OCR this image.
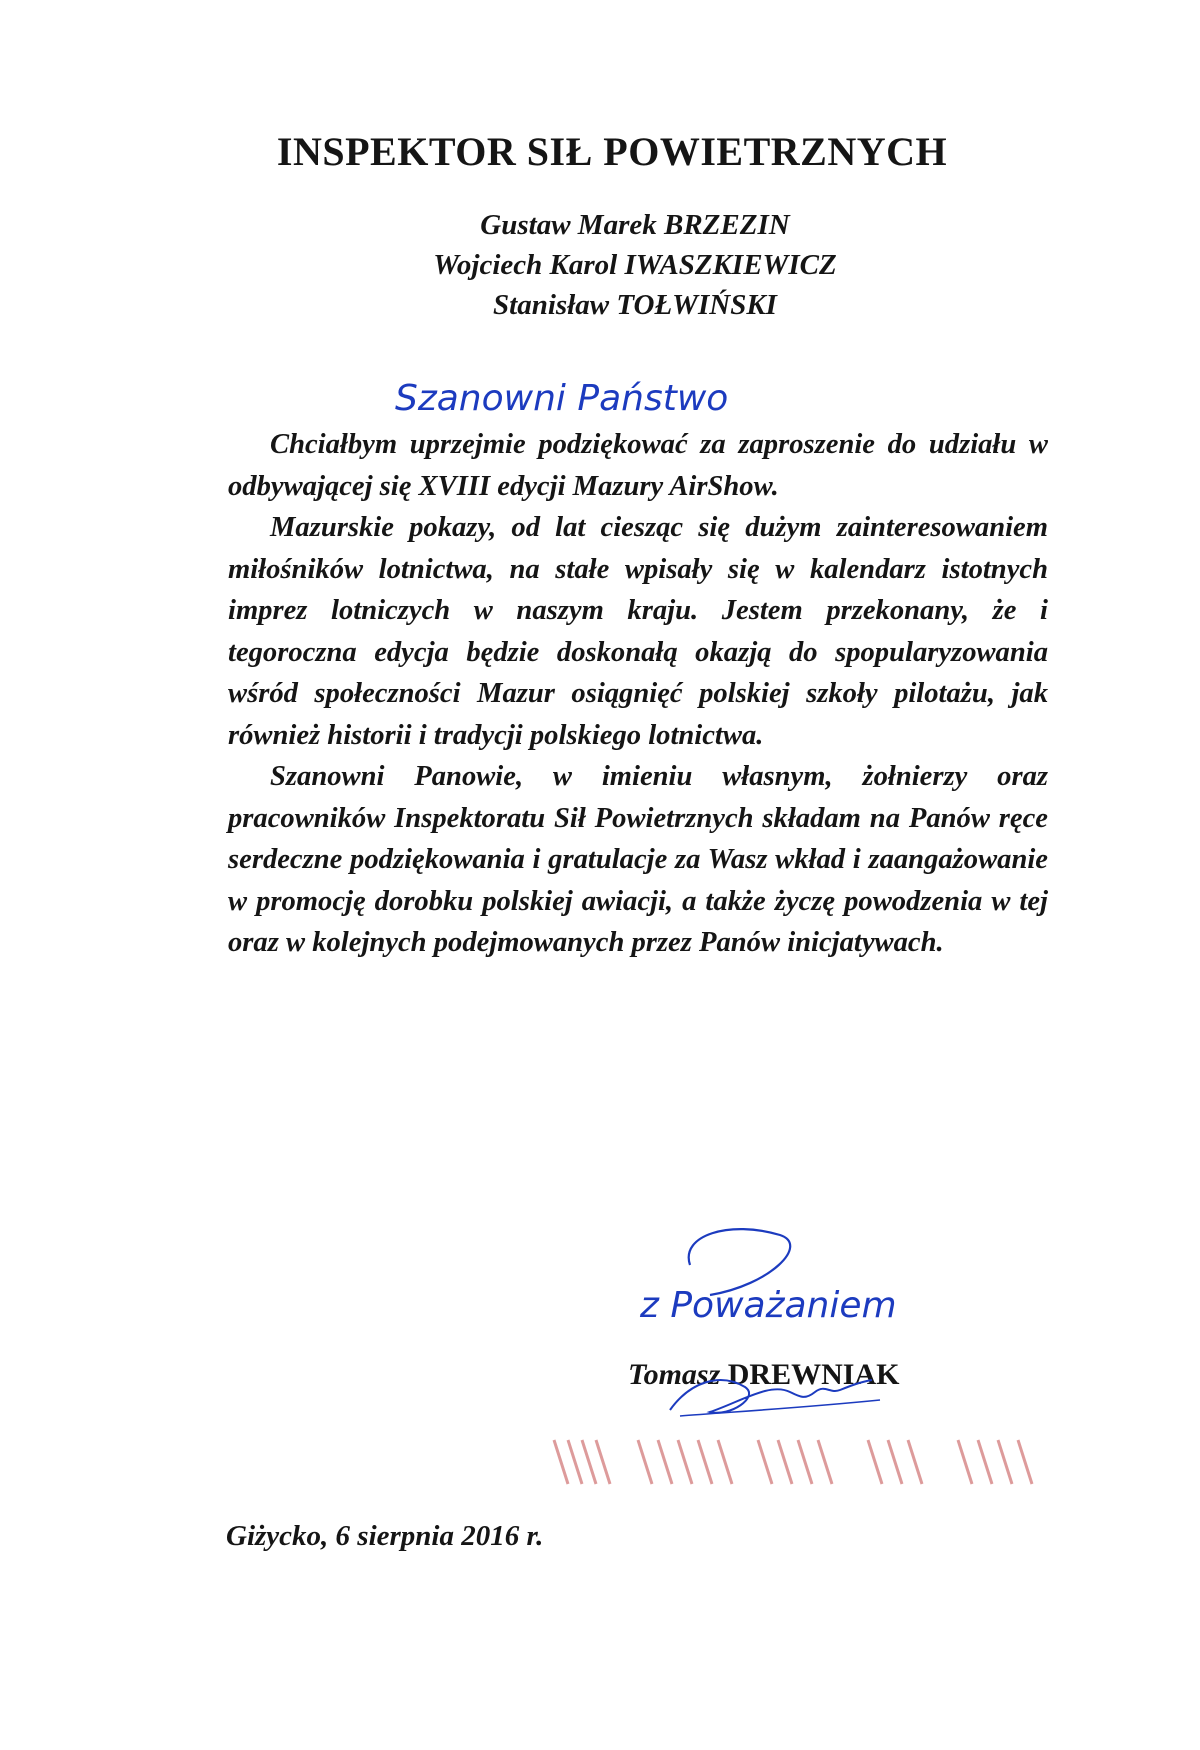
INSPEKTOR SIŁ POWIETRZNYCH
Gustaw Marek BRZEZIN
Wojciech Karol IWASZKIEWICZ
Stanisław TOŁWIŃSKI
Szanowni Państwo

Chciałbym uprzejmie podziękować za zaproszenie do udziału w odbywającej się XVIII edycji Mazury AirShow.

Mazurskie pokazy, od lat ciesząc się dużym zainteresowaniem miłośników lotnictwa, na stałe wpisały się w kalendarz istotnych imprez lotniczych w naszym kraju. Jestem przekonany, że i tegoroczna edycja będzie doskonałą okazją do spopularyzowania wśród społeczności Mazur osiągnięć polskiej szkoły pilotażu, jak również historii i tradycji polskiego lotnictwa.

Szanowni Panowie, w imieniu własnym, żołnierzy oraz pracowników Inspektoratu Sił Powietrznych składam na Panów ręce serdeczne podziękowania i gratulacje za Wasz wkład i zaangażowanie w promocję dorobku polskiej awiacji, a także życzę powodzenia w tej oraz w kolejnych podejmowanych przez Panów inicjatywach.

z Poważaniem
Tomasz DREWNIAK
Giżycko, 6 sierpnia 2016 r.
